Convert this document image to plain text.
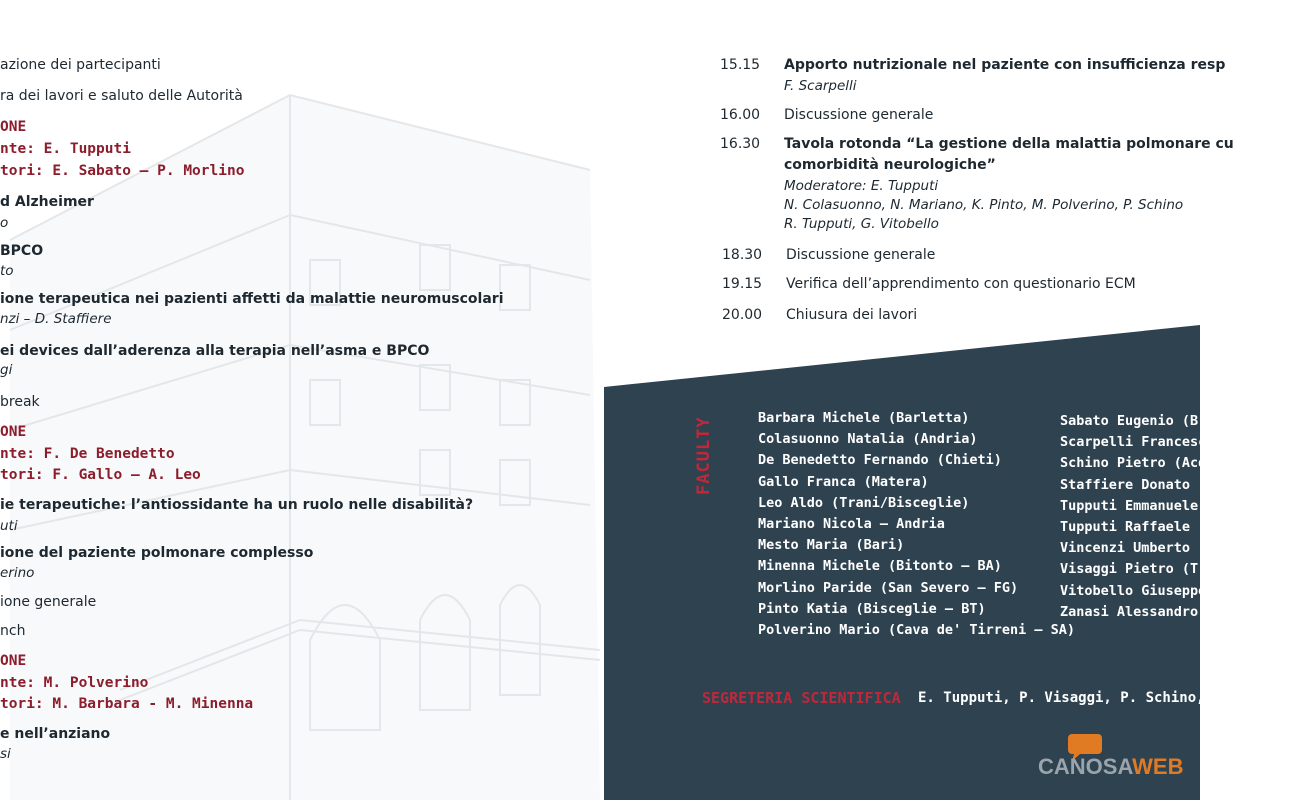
azione dei partecipanti
ra dei lavori e saluto delle Autorità
ONE
nte: E. Tupputi
tori: E. Sabato – P. Morlino
d Alzheimer
o
BPCO
to
ione terapeutica nei pazienti affetti da malattie neuromuscolari
nzi – D. Staffiere
ei devices dall’aderenza alla terapia nell’asma e BPCO
gi
break
ONE
nte: F. De Benedetto
tori: F. Gallo – A. Leo
ie terapeutiche: l’antiossidante ha un ruolo nelle disabilità?
uti
ione del paziente polmonare complesso
erino
ione generale
nch
ONE
nte: M. Polverino
tori: M. Barbara - M. Minenna
e nell’anziano
si
15.15 Apporto nutrizionale nel paziente con insufficienza resp
F. Scarpelli
16.00 Discussione generale
16.30 Tavola rotonda “La gestione della malattia polmonare cu
comorbidità neurologiche”
Moderatore: E. Tupputi
N. Colasuonno, N. Mariano, K. Pinto, M. Polverino, P. Schino
R. Tupputi, G. Vitobello
18.30 Discussione generale
19.15 Verifica dell’apprendimento con questionario ECM
20.00 Chiusura dei lavori
FACULTY	Barbara Michele (Barletta)
Colasuonno Natalia (Andria)
De Benedetto Fernando (Chieti)
Gallo Franca (Matera)
Leo Aldo (Trani/Bisceglie)
Mariano Nicola – Andria
Mesto Maria (Bari)
Minenna Michele (Bitonto – BA)
Morlino Paride (San Severo – FG)
Pinto Katia (Bisceglie – BT)
Polverino Mario (Cava de' Tirreni – SA)
Sabato Eugenio (Brin
Scarpelli Francesco (
Schino Pietro (Acquav
Staffiere Donato (Fog
Tupputi Emmanuele (A
Tupputi Raffaele (Bar
Vincenzi Umberto (Fo
Visaggi Pietro (Triggi
Vitobello Giuseppe (A
Zanasi Alessandro (B
SEGRETERIA SCIENTIFICA E. Tupputi, P. Visaggi, P. Schino, M. Polveri
CANOSAWEB
